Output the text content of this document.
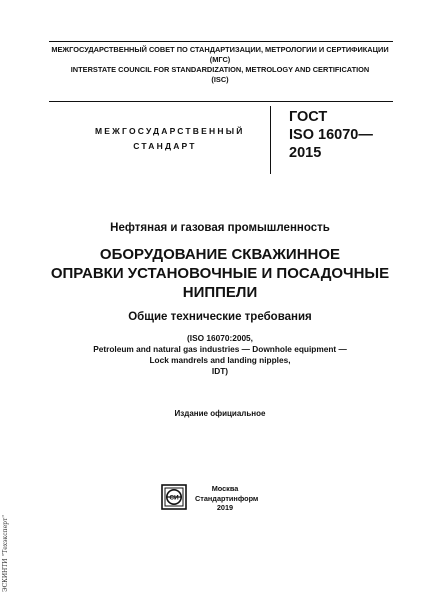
МЕЖГОСУДАРСТВЕННЫЙ СОВЕТ ПО СТАНДАРТИЗАЦИИ, МЕТРОЛОГИИ И СЕРТИФИКАЦИИ
(МГС)
INTERSTATE COUNCIL FOR STANDARDIZATION, METROLOGY AND CERTIFICATION
(ISC)
МЕЖГОСУДАРСТВЕННЫЙ
СТАНДАРТ
ГОСТ
ISO 16070—
2015
Нефтяная и газовая промышленность
ОБОРУДОВАНИЕ СКВАЖИННОЕ
ОПРАВКИ УСТАНОВОЧНЫЕ И ПОСАДОЧНЫЕ
НИППЕЛИ
Общие технические требования
(ISO 16070:2005,
Petroleum and natural gas industries — Downhole equipment —
Lock mandrels and landing nipples,
IDT)
Издание официальное
СИ
Москва
Стандартинформ
2019
ЭСКИНТИ "Техэксперт"
